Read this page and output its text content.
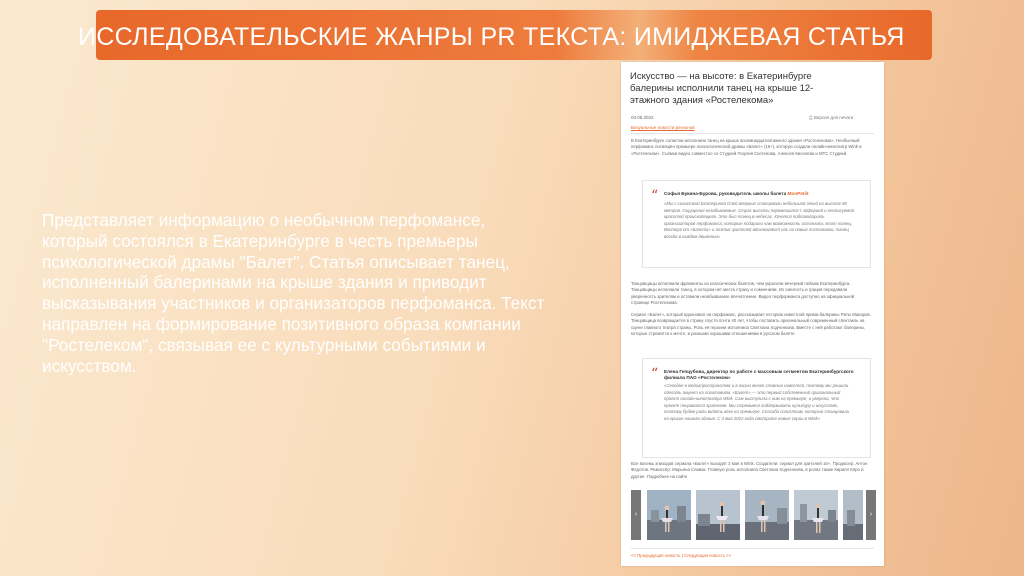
ИССЛЕДОВАТЕЛЬСКИЕ ЖАНРЫ PR ТЕКСТА: ИМИДЖЕВАЯ СТАТЬЯ

Представляет информацию о необычном перфомансе, который состоялся в Екатеринбурге в честь премьеры психологической драмы "Балет". Статья описывает танец, исполненный балеринами на крыше здания и приводит высказывания участников и организаторов перфоманса. Текст направлен на формирование позитивного образа компании "Ростелеком", связывая ее с культурными событиями и искусством.

Искусство — на высоте: в Екатеринбурге балерины исполнили танец на крыше 12-этажного здания «Ростелекома»
⎙ Версия для печати
03.05.2022
Визуальные новости регионов

В Екатеринбурге солистки исполнили танец на крыше восемнадцатиэтажного здания «Ростелекома». Необычный перфоманс посвящён премьере психологической драмы «Балет» (16+), которую создали онлайн-кинотеатр Wink и «Ростелеком». Съёмки видео совместно со Студией Георгия Скотенова, Алексея Киселева и МТС Студией.

“ Софья Букина-Бурова, руководитель школы балета MonPetiit

«Мы с солисткой Екатериной Олей впервые станцевали небольшой этюд на высоте 60 метров. Ощущения незабываемые. Страх высоты перемешался с эйфорией и неописуемой красотой происходящего. Это был танец в небесах. Хочется поблагодарить организаторов перфоманса, которые подарили нам возможность исполнить этот танец. Восторг от «Балета» и отклик зрителей вдохновляют нас на новые постановки, танец всегда в каждом движении»

Танцовщицы исполнили фрагменты из классических балетов, чем украсили вечерний пейзаж Екатеринбурга. Танцовщицы исполнили танец, в котором нет места страху и сомнениям. Их смелость и грация передавали уверенность зрителям и оставили незабываемое впечатление. Видео перформанса доступно на официальной странице Ростелекома.

Сериал «Балет», который вдохновил на перфоманс, рассказывает историю известной прима-балерины Риты Макаров. Танцовщица возвращается в страну спустя почти 40 лет, чтобы поставить оригинальный современный спектакль на сцене главного театра страны. Роль её героини исполнила Светлана Ходченкова. Вместе с ней работают балерины, которые стремятся к мечте, и разными хорошими отношениями в русском балете.

“ Елена Гепцубова, директор по работе с массовым сегментом Екатеринбургского филиала ПАО «Ростелеком»

«Сегодня в медиапространстве и в жизни много сложных новостей, поэтому мы решили сделать акцент на позитивном. «Балет» — это первый собственный оригинальный проект онлайн-кинотеатра Wink. Сам выступила с ним на премьере, и уверена, что проект понравится зрителям. Мы стремимся поддерживать культуру и искусство, поэтому будем рады видеть всех на премьере. Спасибо солисткам, которые станцевали на крыше нашего здания. С 3 мая 2022 года смотрите новые серии в Wink»

Все восемь эпизодов сериала «Балет» выходят 3 мая в Wink. Создатели: сериал для зрителей 16+. Продюсер: Антон Федотов. Режиссёр: Марьяна Спивак. Главную роль исполнила Светлана Ходченкова, в ролях также Кирилл Кяро и другие. Подробнее на сайте

‹	›
<< Предыдущая новость | Следующая новость >>
